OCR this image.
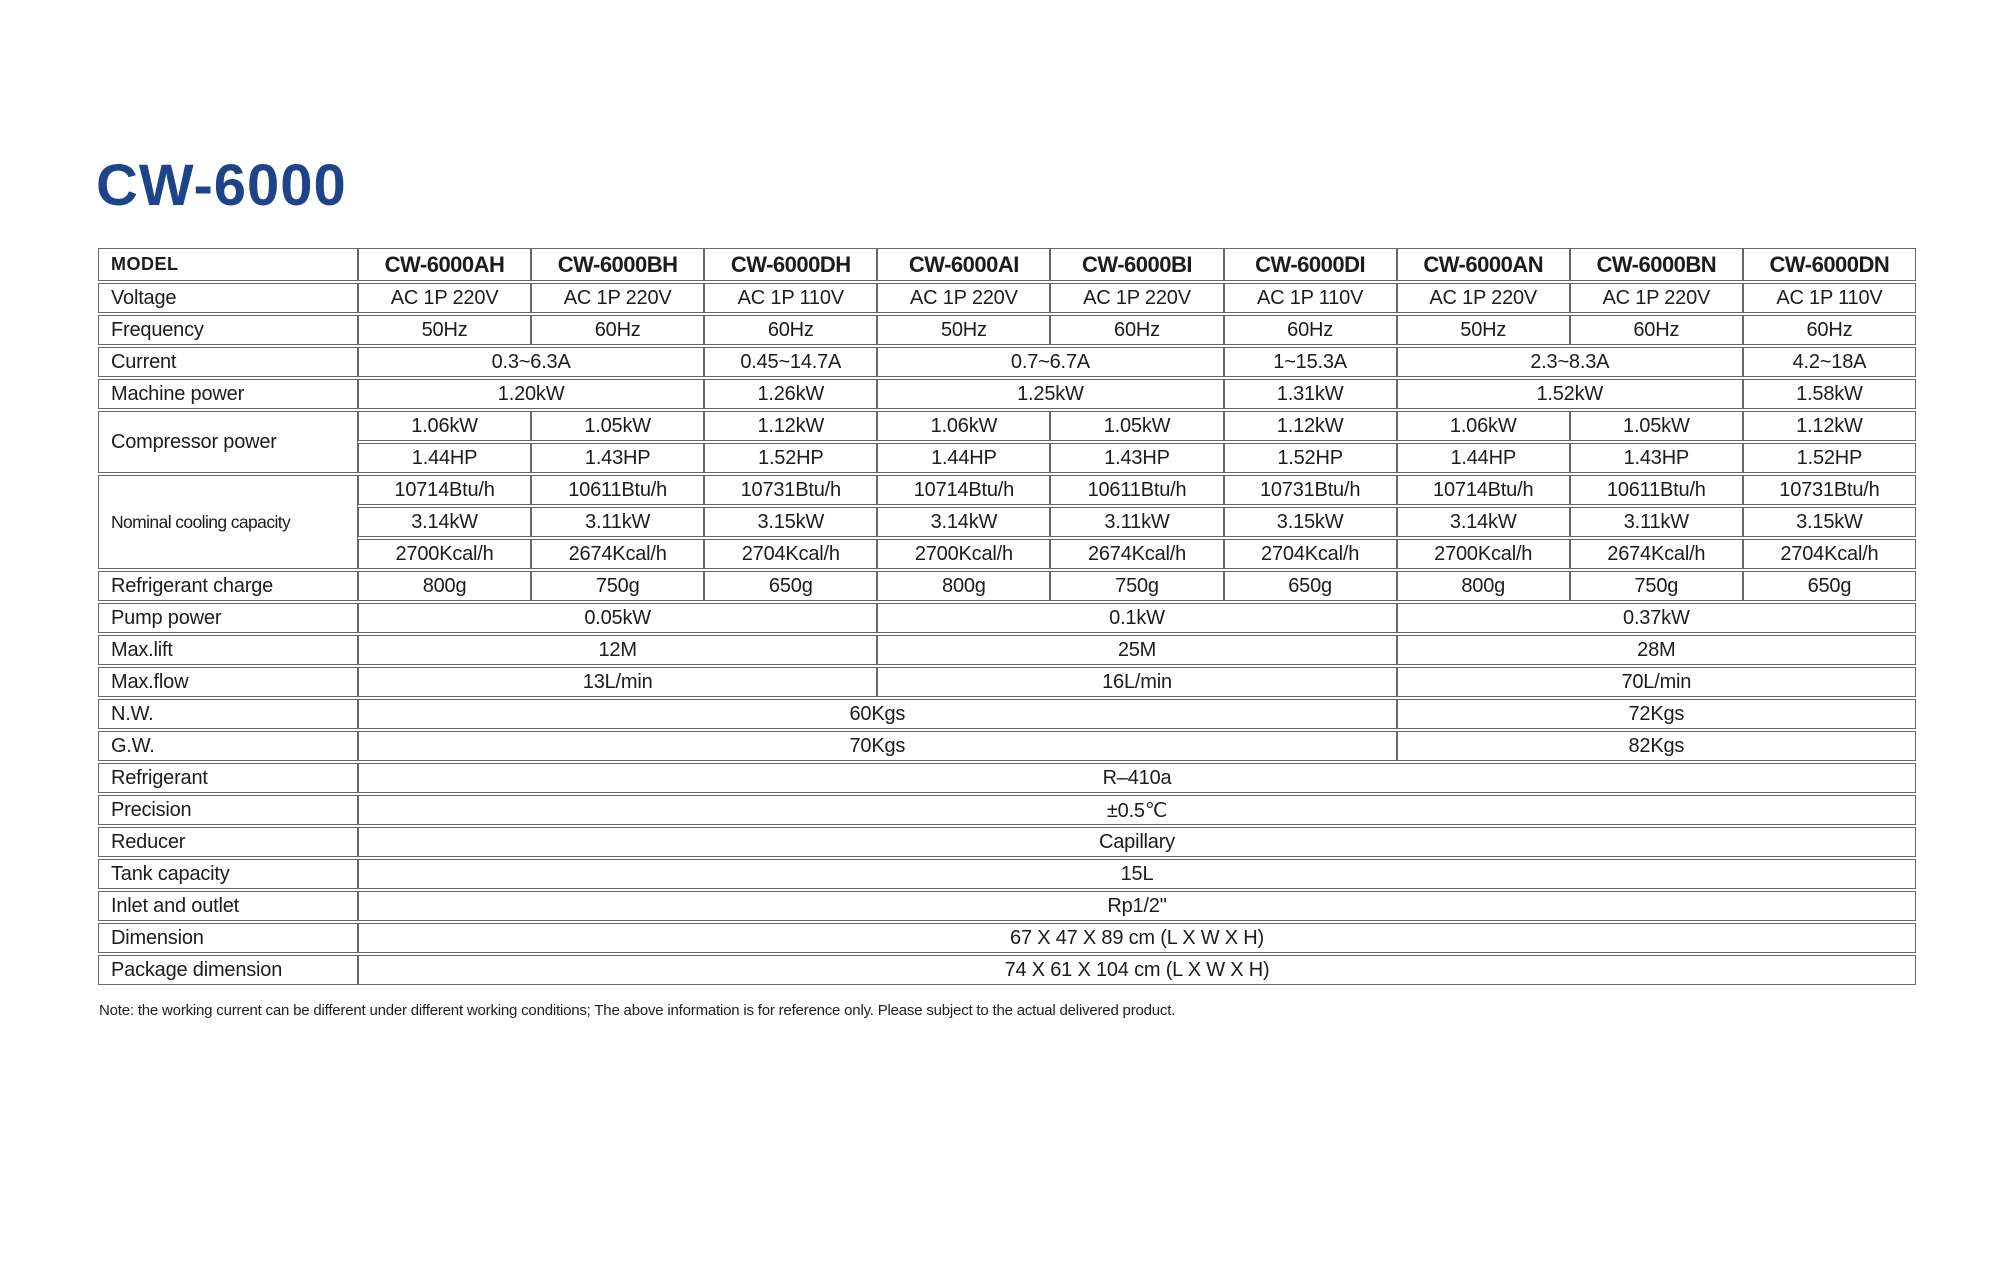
CW-6000
MODEL	CW-6000AH	CW-6000BH	CW-6000DH	CW-6000AI	CW-6000BI	CW-6000DI	CW-6000AN	CW-6000BN	CW-6000DN
Voltage	AC 1P 220V	AC 1P 220V	AC 1P 110V	AC 1P 220V	AC 1P 220V	AC 1P 110V	AC 1P 220V	AC 1P 220V	AC 1P 110V
Frequency	50Hz	60Hz	60Hz	50Hz	60Hz	60Hz	50Hz	60Hz	60Hz
Current	0.3~6.3A		0.45~14.7A	0.7~6.7A		1~15.3A	2.3~8.3A		4.2~18A
Machine power	1.20kW		1.26kW	1.25kW		1.31kW	1.52kW		1.58kW
Compressor power	1.06kW	1.05kW	1.12kW	1.06kW	1.05kW	1.12kW	1.06kW	1.05kW	1.12kW
	1.44HP	1.43HP	1.52HP	1.44HP	1.43HP	1.52HP	1.44HP	1.43HP	1.52HP
Nominal cooling capacity	10714Btu/h	10611Btu/h	10731Btu/h	10714Btu/h	10611Btu/h	10731Btu/h	10714Btu/h	10611Btu/h	10731Btu/h
	3.14kW	3.11kW	3.15kW	3.14kW	3.11kW	3.15kW	3.14kW	3.11kW	3.15kW
	2700Kcal/h	2674Kcal/h	2704Kcal/h	2700Kcal/h	2674Kcal/h	2704Kcal/h	2700Kcal/h	2674Kcal/h	2704Kcal/h
Refrigerant charge	800g	750g	650g	800g	750g	650g	800g	750g	650g
Pump power	0.05kW			0.1kW			0.37kW		
Max.lift	12M			25M			28M		
Max.flow	13L/min			16L/min			70L/min		
N.W.	60Kgs						72Kgs		
G.W.	70Kgs						82Kgs		
Refrigerant	R–410a								
Precision	±0.5℃								
Reducer	Capillary								
Tank capacity	15L								
Inlet and outlet	Rp1/2"								
Dimension	67 X 47 X 89 cm (L X W X H)								
Package dimension	74 X 61 X 104 cm (L X W X H)								
Note: the working current can be different under different working conditions; The above information is for reference only. Please subject to the actual delivered product.
